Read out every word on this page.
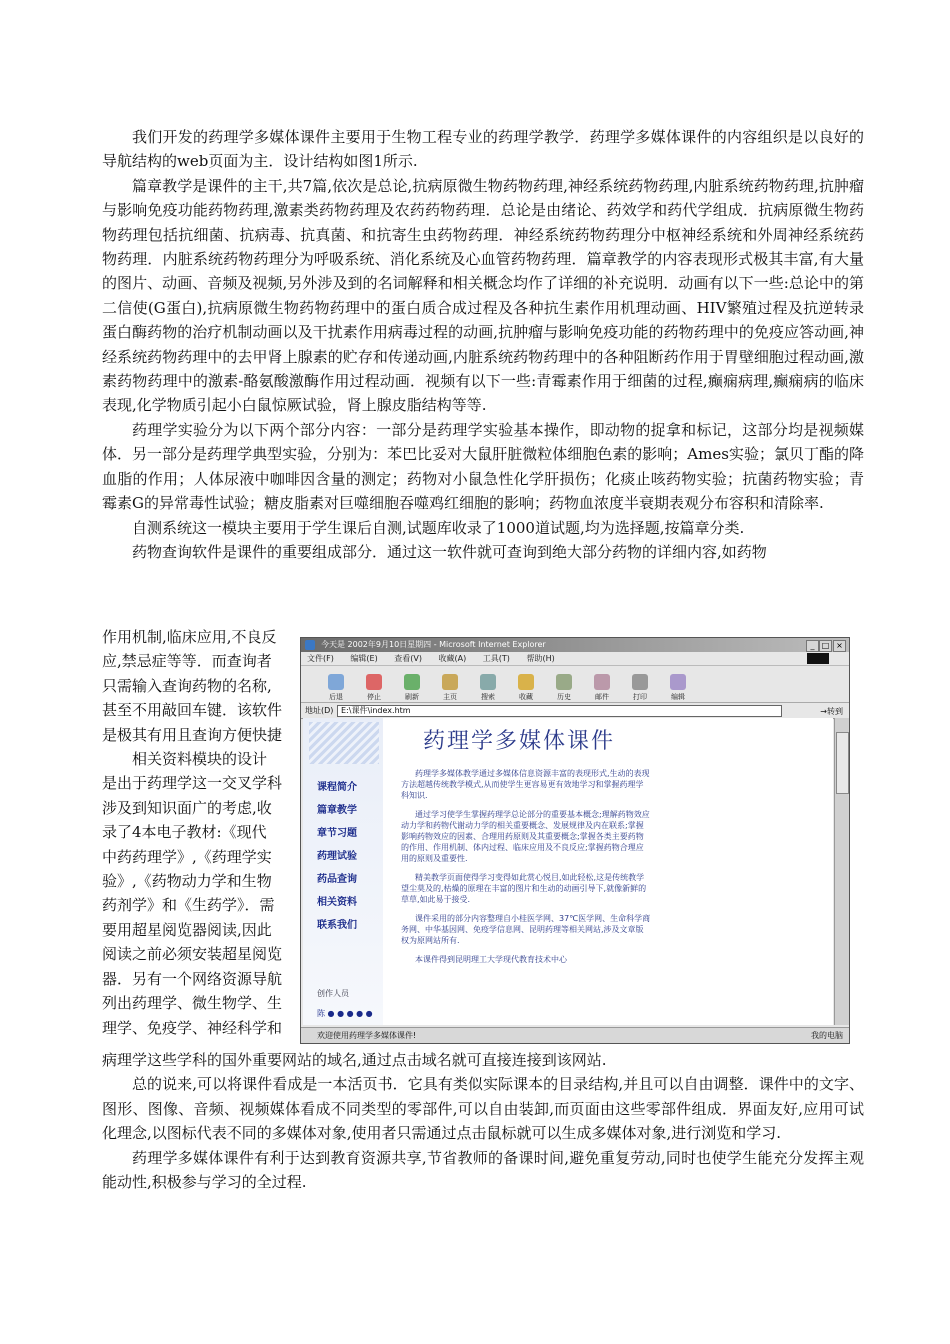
我们开发的药理学多媒体课件主要用于生物工程专业的药理学教学．药理学多媒体课件的内容组织是以良好的导航结构的web页面为主．设计结构如图1所示.

篇章教学是课件的主干,共7篇,依次是总论,抗病原微生物药物药理,神经系统药物药理,内脏系统药物药理,抗肿瘤与影响免疫功能药物药理,激素类药物药理及农药药物药理．总论是由绪论、药效学和药代学组成．抗病原微生物药物药理包括抗细菌、抗病毒、抗真菌、和抗寄生虫药物药理．神经系统药物药理分中枢神经系统和外周神经系统药物药理．内脏系统药物药理分为呼吸系统、消化系统及心血管药物药理．篇章教学的内容表现形式极其丰富,有大量的图片、动画、音频及视频,另外涉及到的名词解释和相关概念均作了详细的补充说明．动画有以下一些:总论中的第二信使(G蛋白),抗病原微生物药物药理中的蛋白质合成过程及各种抗生素作用机理动画、HIV繁殖过程及抗逆转录蛋白酶药物的治疗机制动画以及干扰素作用病毒过程的动画,抗肿瘤与影响免疫功能的药物药理中的免疫应答动画,神经系统药物药理中的去甲肾上腺素的贮存和传递动画,内脏系统药物药理中的各种阻断药作用于胃壁细胞过程动画,激素药物药理中的激素-酪氨酸激酶作用过程动画．视频有以下一些:青霉素作用于细菌的过程,癫痫病理,癫痫病的临床表现,化学物质引起小白鼠惊厥试验，肾上腺皮脂结构等等.

药理学实验分为以下两个部分内容：一部分是药理学实验基本操作，即动物的捉拿和标记，这部分均是视频媒体．另一部分是药理学典型实验，分别为：苯巴比妥对大鼠肝脏微粒体细胞色素的影响；Ames实验；氯贝丁酯的降血脂的作用；人体尿液中咖啡因含量的测定；药物对小鼠急性化学肝损伤；化痰止咳药物实验；抗菌药物实验；青霉素G的异常毒性试验；糖皮脂素对巨噬细胞吞噬鸡红细胞的影响；药物血浓度半衰期表观分布容积和清除率.

自测系统这一模块主要用于学生课后自测,试题库收录了1000道试题,均为选择题,按篇章分类.

药物查询软件是课件的重要组成部分．通过这一软件就可查询到绝大部分药物的详细内容,如药物

作用机制,临床应用,不良反

应,禁忌症等等．而查询者

只需输入查询药物的名称,

甚至不用敲回车键．该软件

是极其有用且查询方便快捷

相关资料模块的设计

是出于药理学这一交叉学科

涉及到知识面广的考虑,收

录了4本电子教材:《现代

中药药理学》,《药理学实

验》,《药物动力学和生物

药剂学》和《生药学》．需

要用超星阅览器阅读,因此

阅读之前必须安装超星阅览

器．另有一个网络资源导航

列出药理学、微生物学、生

理学、免疫学、神经科学和

今天是 2002年9月10日星期四 - Microsoft Internet Explorer	_ □ ×
文件(F) 编辑(E) 查看(V) 收藏(A) 工具(T) 帮助(H)
后退	停止	刷新	主页	搜索	收藏	历史	邮件	打印	编辑
地址(D) E:\课件\index.htm	→转到
课程简介
篇章教学
章节习题
药理试验
药品查询
相关资料
联系我们
创作人员
陈 ● ● ● ● ●
药理学多媒体课件

药理学多媒体教学通过多媒体信息资源丰富的表现形式,生动的表现方法超越传统教学模式,从而使学生更容易更有效地学习和掌握药理学科知识.

通过学习使学生掌握药理学总论部分的重要基本概念;理解药物效应动力学和药物代谢动力学的相关重要概念、发展规律及内在联系;掌握影响药物效应的因素、合理用药原则及其重要概念;掌握各类主要药物的作用、作用机制、体内过程、临床应用及不良反应;掌握药物合理应用的原则及重要性.

精美教学页面使得学习变得如此赏心悦目,如此轻松,这是传统教学望尘莫及的,枯燥的原理在丰富的图片和生动的动画引导下,就像新鲜的草草,如此易于接受.

课件采用的部分内容整理自小桂医学网、37℃医学网、生命科学商务网、中华基因网、免疫学信息网、昆明药理等相关网站,涉及文章版权为原网站所有.

本课件得到昆明理工大学现代教育技术中心

欢迎使用药理学多媒体课件!	我的电脑

病理学这些学科的国外重要网站的域名,通过点击域名就可直接连接到该网站.

总的说来,可以将课件看成是一本活页书．它具有类似实际课本的目录结构,并且可以自由调整．课件中的文字、图形、图像、音频、视频媒体看成不同类型的零部件,可以自由装卸,而页面由这些零部件组成．界面友好,应用可试化理念,以图标代表不同的多媒体对象,使用者只需通过点击鼠标就可以生成多媒体对象,进行浏览和学习.

药理学多媒体课件有利于达到教育资源共享,节省教师的备课时间,避免重复劳动,同时也使学生能充分发挥主观能动性,积极参与学习的全过程.
